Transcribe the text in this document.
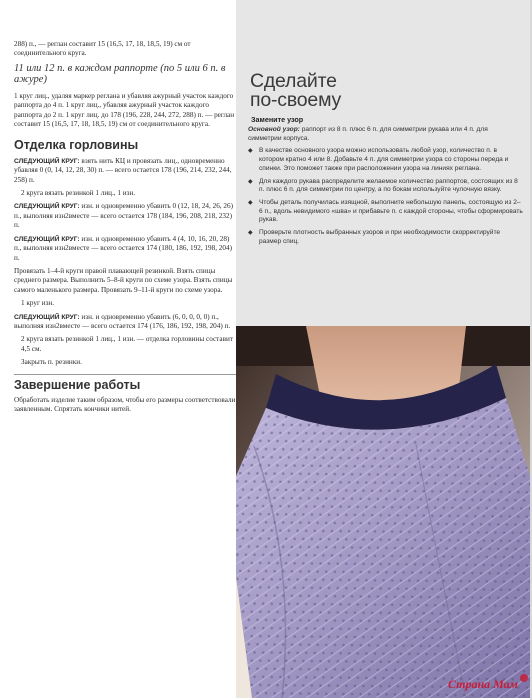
288) п., — реглан составит 15 (16,5, 17, 18, 18,5, 19) см от соединительного круга.

11 или 12 п. в каждом раппорте (по 5 или 6 п. в ажуре)

1 круг лиц., удаляя маркер реглана и убавляя ажурный участок каждого раппорта до 4 п. 1 круг лиц., убавляя ажурный участок каждого раппорта до 2 п. 1 круг лиц. до 178 (196, 228, 244, 272, 288) п. — реглан составит 15 (16,5, 17, 18, 18,5, 19) см от соединительного круга.

Отделка горловины

СЛЕДУЮЩИЙ КРУГ: взять нить КЦ и провязать лиц., одновременно убавляя 0 (0, 14, 12, 28, 30) п. — всего остается 178 (196, 214, 232, 244, 258) п.

2 круга вязать резинкой 1 лиц., 1 изн.

СЛЕДУЮЩИЙ КРУГ: изн. и одновременно убавить 0 (12, 18, 24, 26, 26) п., выполняя изн2вместе — всего остается 178 (184, 196, 208, 218, 232) п.

СЛЕДУЮЩИЙ КРУГ: изн. и одновременно убавить 4 (4, 10, 16, 20, 28) п., выполняя изн2вместе — всего остается 174 (180, 186, 192, 198, 204) п.

Провязать 1–4-й круги правой плавающей резинкой. Взять спицы среднего размера. Выполнить 5–8-й круги по схеме узора. Взять спицы самого маленького размера. Провязать 9–11-й круги по схеме узора.

1 круг изн.

СЛЕДУЮЩИЙ КРУГ: изн. и одновременно убавить (6, 0, 0, 0, 0) п., выполняя изн2вместе — всего остается 174 (176, 186, 192, 198, 204) п.

2 круга вязать резинкой 1 лиц., 1 изн. — отделка горловины составит 4,5 см.

Закрыть п. резинки.

Завершение работы

Обработать изделие таким образом, чтобы его размеры соответствовали заявленным. Спрятать кончики нитей.

Сделайте
по-своему
Замените узор

Основной узор: раппорт из 8 п. плюс 6 п. для симметрии рукава или 4 п. для симметрии корпуса.

◆ В качестве основного узора можно использовать любой узор, количество п. в котором кратно 4 или 8. Добавьте 4 п. для симметрии узора со стороны переда и спинки. Это поможет также при расположении узора на линиях реглана.
◆ Для каждого рукава распределите желаемое количество раппортов, состоящих из 8 п. плюс 6 п. для симметрии по центру, а по бокам используйте чулочную вязку.
◆ Чтобы деталь получилась изящной, выполните небольшую панель, состоящую из 2–6 п., вдоль невидимого «шва» и прибавьте п. с каждой стороны, чтобы сформировать рукав.
◆ Проверьте плотность выбранных узоров и при необходимости скорректируйте размер спиц.
Страна Мам
